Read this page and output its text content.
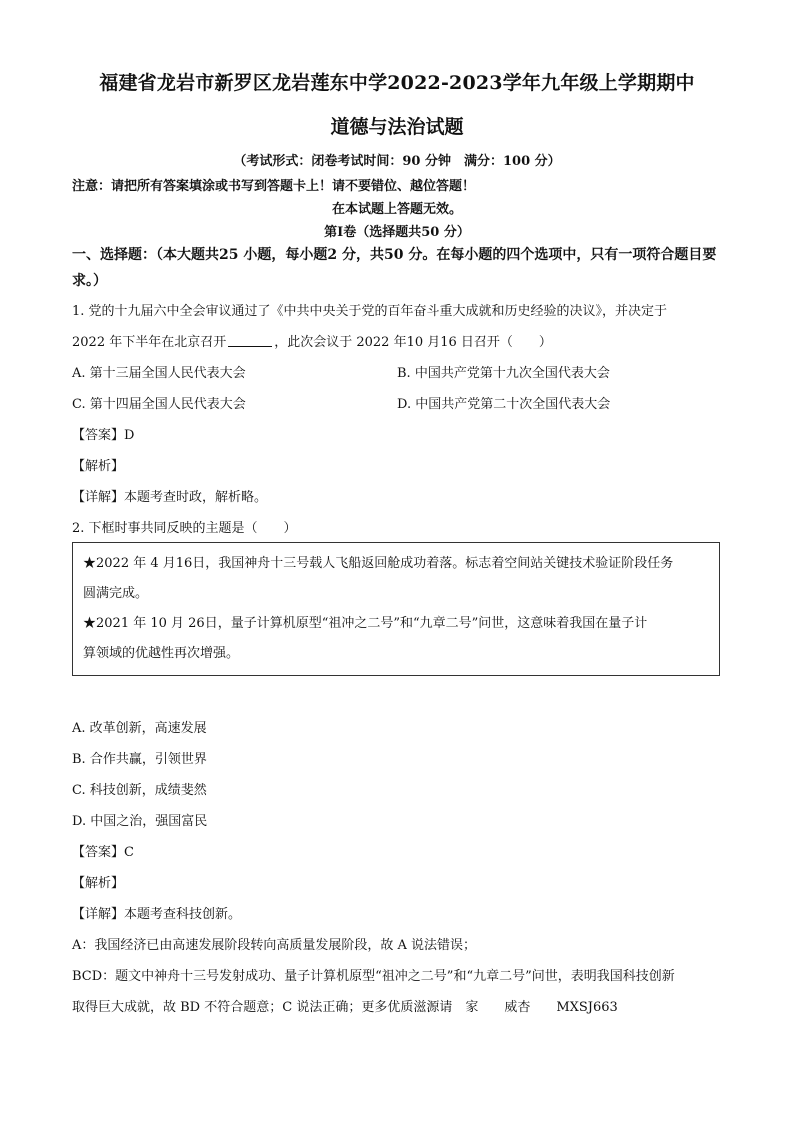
福建省龙岩市新罗区龙岩莲东中学2022-2023学年九年级上学期期中
道德与法治试题
（考试形式：闭卷考试时间：90 分钟　满分：100 分）
注意：请把所有答案填涂或书写到答题卡上！请不要错位、越位答题！
在本试题上答题无效。
第Ⅰ卷（选择题共50 分）
一、选择题：（本大题共25 小题，每小题2 分，共50 分。在每小题的四个选项中，只有一项符合题目要求。）
1. 党的十九届六中全会审议通过了《中共中央关于党的百年奋斗重大成就和历史经验的决议》，并决定于
2022 年下半年在北京召开	，此次会议于 2022 年10 月16 日召开（　　）
A. 第十三届全国人民代表大会	B. 中国共产党第十九次全国代表大会
C. 第十四届全国人民代表大会	D. 中国共产党第二十次全国代表大会
【答案】D
【解析】
【详解】本题考查时政，解析略。
2. 下框时事共同反映的主题是（　　）

★2022 年 4 月16日，我国神舟十三号载人飞船返回舱成功着落。标志着空间站关键技术验证阶段任务

圆满完成。

★2021 年 10 月 26日，量子计算机原型“祖冲之二号”和“九章二号”问世，这意味着我国在量子计

算领域的优越性再次增强。

A. 改革创新，高速发展
B. 合作共赢，引领世界
C. 科技创新，成绩斐然
D. 中国之治，强国富民
【答案】C
【解析】
【详解】本题考查科技创新。
A：我国经济已由高速发展阶段转向高质量发展阶段，故 A 说法错误；
BCD：题文中神舟十三号发射成功、量子计算机原型“祖冲之二号”和“九章二号”问世，表明我国科技创新
取得巨大成就，故 BD 不符合题意；C 说法正确；更多优质滋源请　家　　威杏　　MXSJ663
